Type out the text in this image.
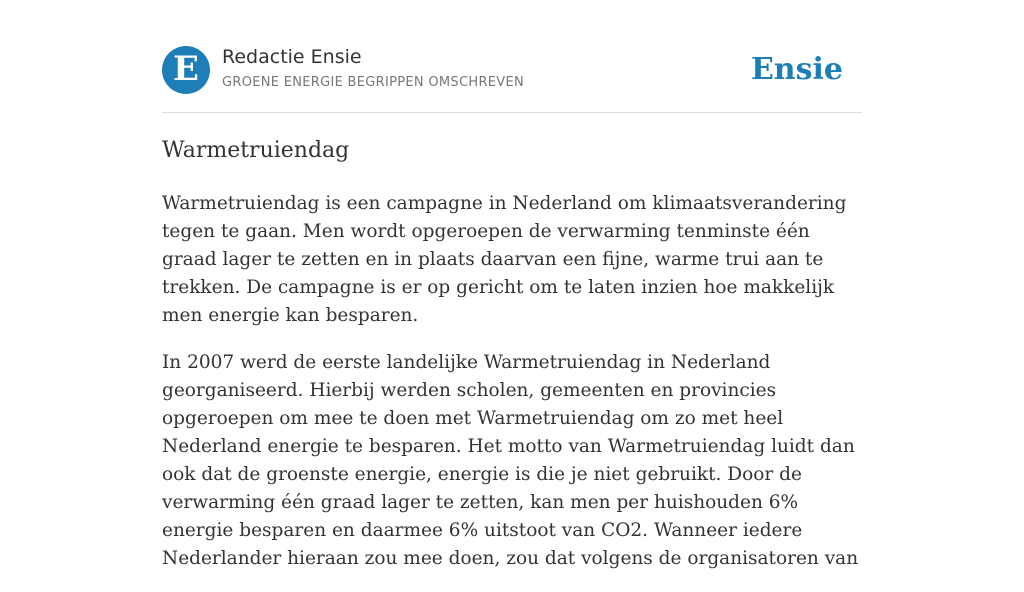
E Redactie Ensie
GROENE ENERGIE BEGRIPPEN OMSCHREVEN	Ensie
Warmetruiendag

Warmetruiendag is een campagne in Nederland om klimaatsverandering tegen te gaan. Men wordt opgeroepen de verwarming tenminste één graad lager te zetten en in plaats daarvan een fijne, warme trui aan te trekken. De campagne is er op gericht om te laten inzien hoe makkelijk men energie kan besparen.

In 2007 werd de eerste landelijke Warmetruiendag in Nederland georganiseerd. Hierbij werden scholen, gemeenten en provincies opgeroepen om mee te doen met Warmetruiendag om zo met heel Nederland energie te besparen. Het motto van Warmetruiendag luidt dan ook dat de groenste energie, energie is die je niet gebruikt. Door de verwarming één graad lager te zetten, kan men per huishouden 6% energie besparen en daarmee 6% uitstoot van CO2. Wanneer iedere Nederlander hieraan zou mee doen, zou dat volgens de organisatoren van
